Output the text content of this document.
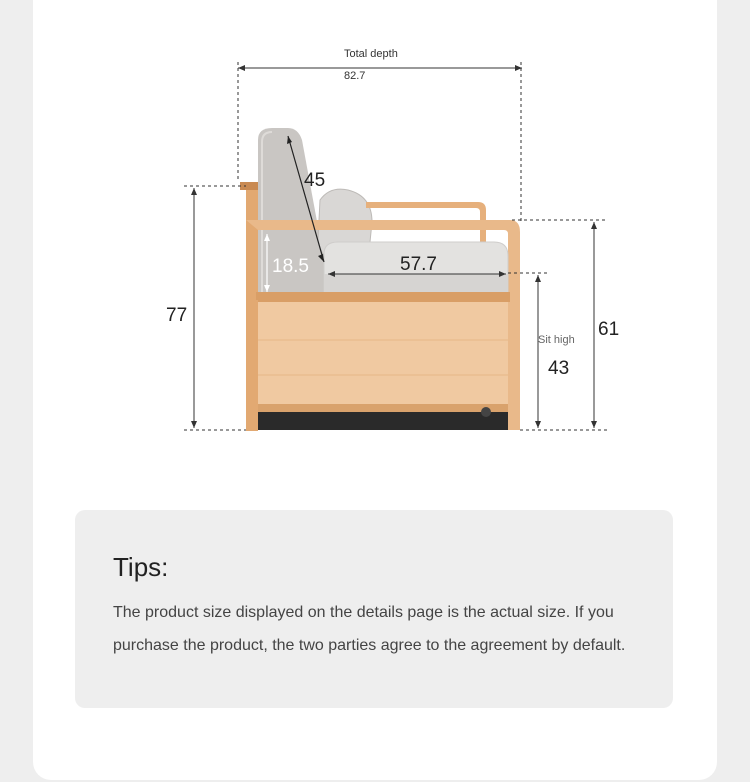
Total depth
82.7
45
18.5	57.7
77
61
Sit high
43
Tips:

The product size displayed on the details page is the actual size. If you purchase the product, the two parties agree to the agreement by default.
